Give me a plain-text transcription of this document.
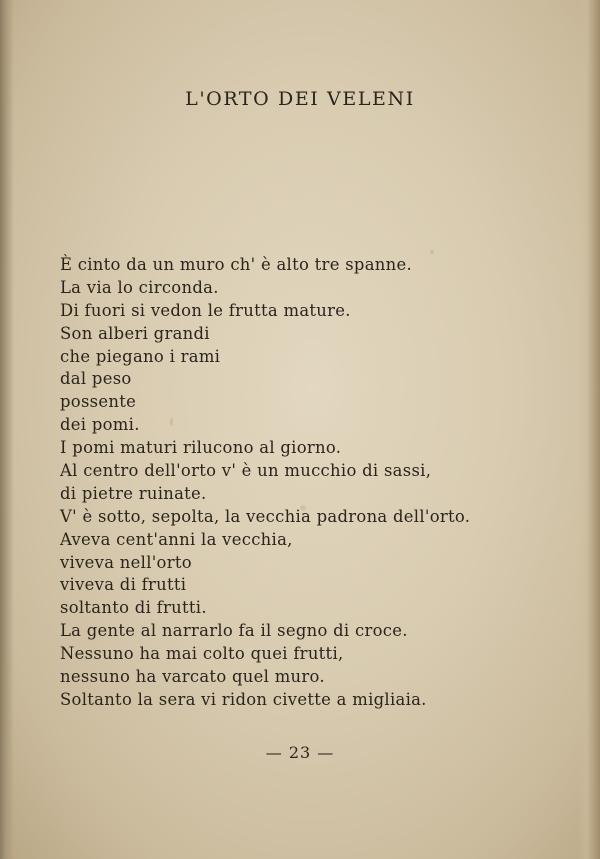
L'ORTO DEI VELENI
È cinto da un muro ch' è alto tre spanne.
La via lo circonda.
Di fuori si vedon le frutta mature.
Son alberi grandi
che piegano i rami
dal peso
possente
dei pomi.
I pomi maturi rilucono al giorno.
Al centro dell'orto v' è un mucchio di sassi,
di pietre ruinate.
V' è sotto, sepolta, la vecchia padrona dell'orto.
Aveva cent'anni la vecchia,
viveva nell'orto
viveva di frutti
soltanto di frutti.
La gente al narrarlo fa il segno di croce.
Nessuno ha mai colto quei frutti,
nessuno ha varcato quel muro.
Soltanto la sera vi ridon civette a migliaia.
— 23 —
